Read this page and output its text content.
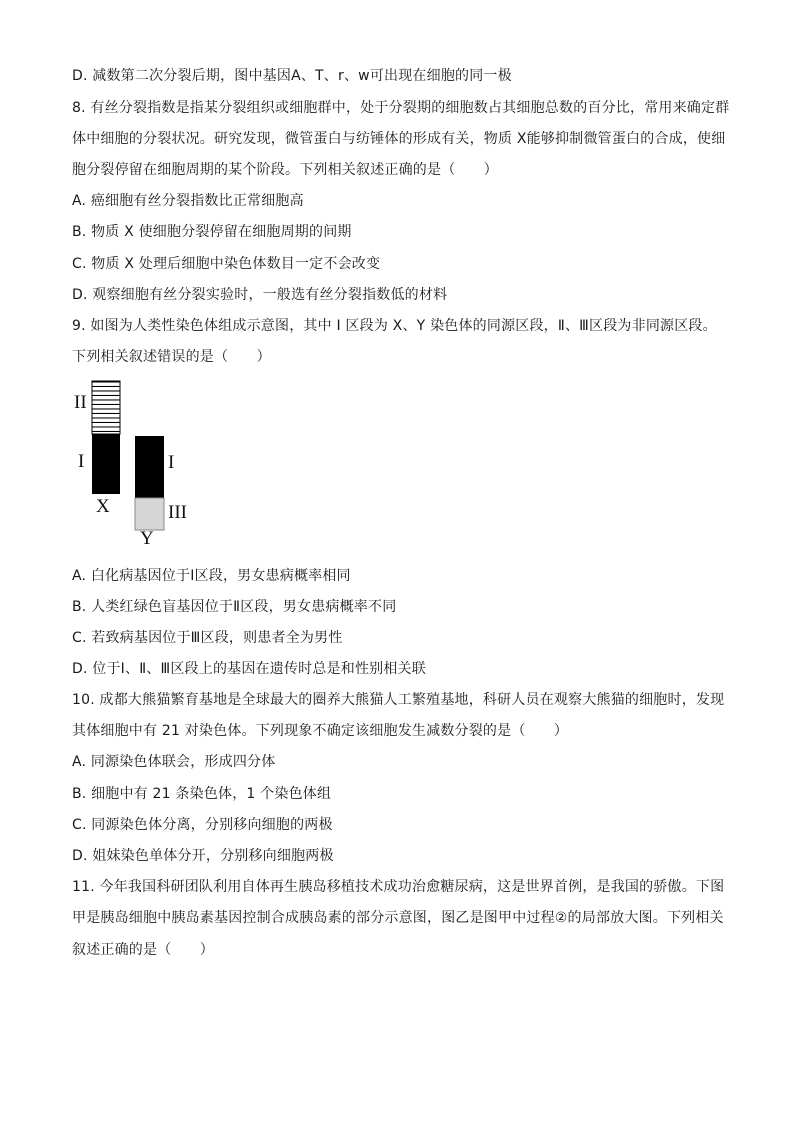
D. 减数第二次分裂后期，图中基因A、T、r、w可出现在细胞的同一极
8. 有丝分裂指数是指某分裂组织或细胞群中，处于分裂期的细胞数占其细胞总数的百分比，常用来确定群
体中细胞的分裂状况。研究发现，微管蛋白与纺锤体的形成有关，物质 X能够抑制微管蛋白的合成，使细
胞分裂停留在细胞周期的某个阶段。下列相关叙述正确的是（　　）
A. 癌细胞有丝分裂指数比正常细胞高
B. 物质 X 使细胞分裂停留在细胞周期的间期
C. 物质 X 处理后细胞中染色体数目一定不会改变
D. 观察细胞有丝分裂实验时，一般选有丝分裂指数低的材料
9. 如图为人类性染色体组成示意图，其中 I 区段为 X、Y 染色体的同源区段，Ⅱ、Ⅲ区段为非同源区段。
下列相关叙述错误的是（　　）
II
I
X
I
III
Y
A. 白化病基因位于Ⅰ区段，男女患病概率相同
B. 人类红绿色盲基因位于Ⅱ区段，男女患病概率不同
C. 若致病基因位于Ⅲ区段，则患者全为男性
D. 位于Ⅰ、Ⅱ、Ⅲ区段上的基因在遗传时总是和性别相关联
10. 成都大熊猫繁育基地是全球最大的圈养大熊猫人工繁殖基地，科研人员在观察大熊猫的细胞时，发现
其体细胞中有 21 对染色体。下列现象不确定该细胞发生减数分裂的是（　　）
A. 同源染色体联会，形成四分体
B. 细胞中有 21 条染色体，1 个染色体组
C. 同源染色体分离，分别移向细胞的两极
D. 姐妹染色单体分开，分别移向细胞两极
11. 今年我国科研团队利用自体再生胰岛移植技术成功治愈糖尿病，这是世界首例，是我国的骄傲。下图
甲是胰岛细胞中胰岛素基因控制合成胰岛素的部分示意图，图乙是图甲中过程②的局部放大图。下列相关
叙述正确的是（　　）
